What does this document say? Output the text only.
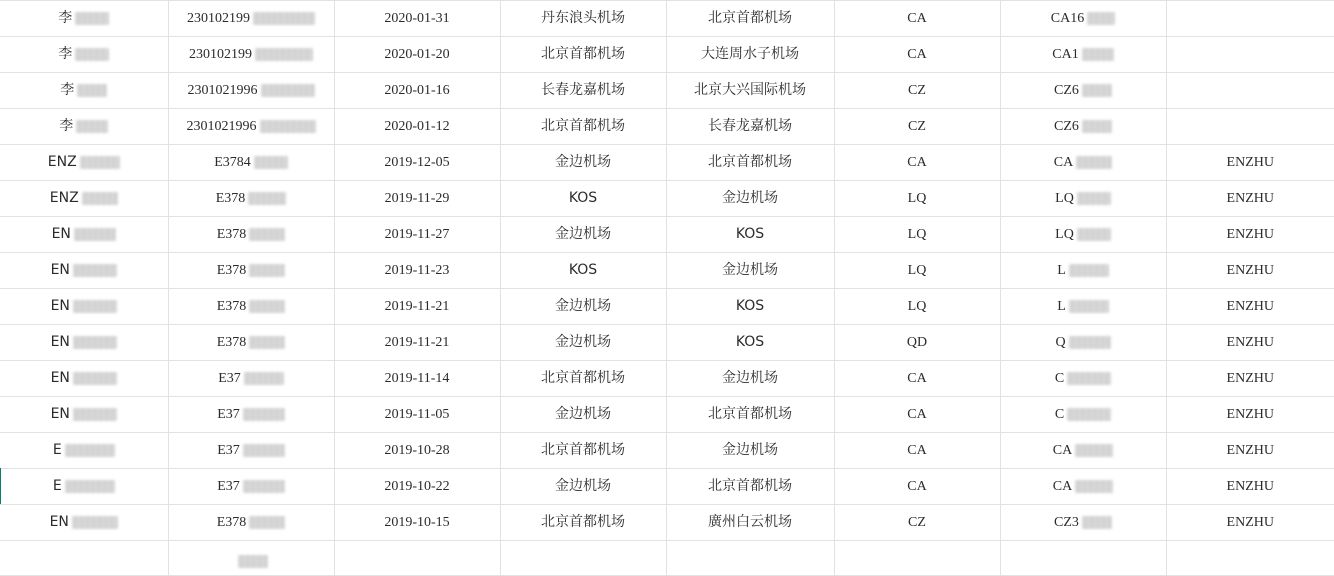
李	230102199	2020-01-31	丹东浪头机场	北京首都机场	CA	CA16	

李	230102199	2020-01-20	北京首都机场	大连周水子机场	CA	CA1	

李	2301021996	2020-01-16	长春龙嘉机场	北京大兴国际机场	CZ	CZ6	

李	2301021996	2020-01-12	北京首都机场	长春龙嘉机场	CZ	CZ6	

ENZ	E3784	2019-12-05	金边机场	北京首都机场	CA	CA	ENZHU

ENZ	E378	2019-11-29	KOS	金边机场	LQ	LQ	ENZHU

EN	E378	2019-11-27	金边机场	KOS	LQ	LQ	ENZHU

EN	E378	2019-11-23	KOS	金边机场	LQ	L	ENZHU

EN	E378	2019-11-21	金边机场	KOS	LQ	L	ENZHU

EN	E378	2019-11-21	金边机场	KOS	QD	Q	ENZHU

EN	E37	2019-11-14	北京首都机场	金边机场	CA	C	ENZHU

EN	E37	2019-11-05	金边机场	北京首都机场	CA	C	ENZHU

E	E37	2019-10-28	北京首都机场	金边机场	CA	CA	ENZHU

E	E37	2019-10-22	金边机场	北京首都机场	CA	CA	ENZHU

EN	E378	2019-10-15	北京首都机场	廣州白云机场	CZ	CZ3	ENZHU
